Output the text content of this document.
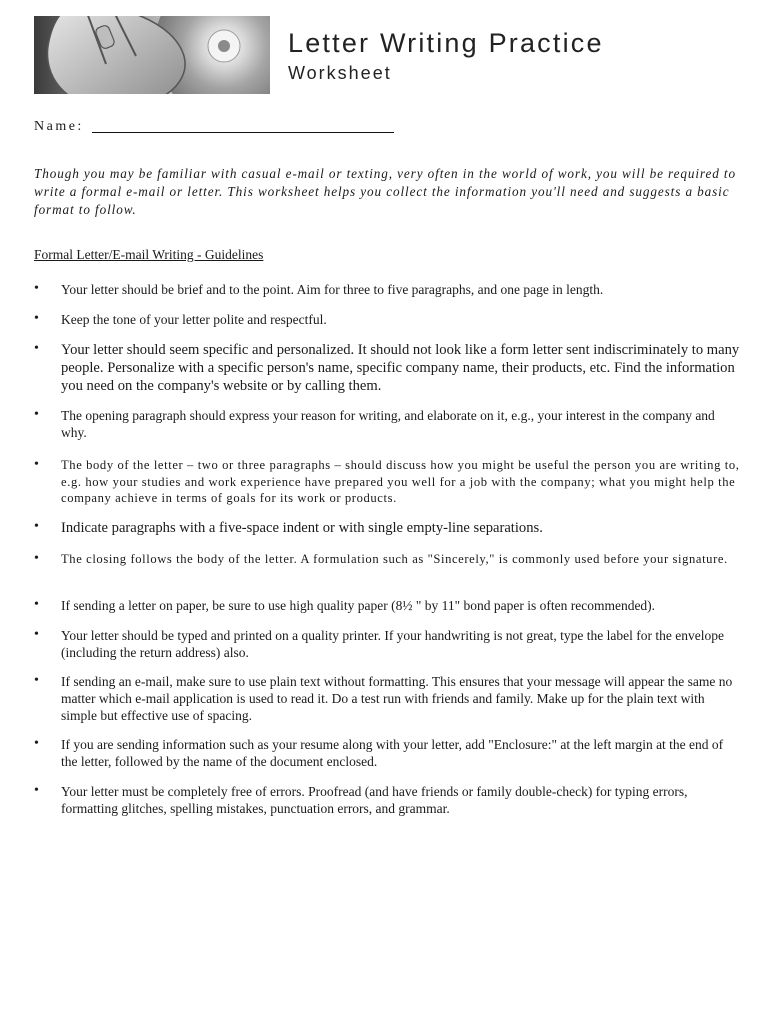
Letter Writing Practice
Worksheet
Name:
Though you may be familiar with casual e-mail or texting, very often in the world of work, you will be required to write a formal e-mail or letter. This worksheet helps you collect the information you'll need and suggests a basic format to follow.
Formal Letter/E-mail Writing - Guidelines
•	Your letter should be brief and to the point. Aim for three to five paragraphs, and one page in length.
•	Keep the tone of your letter polite and respectful.
•	Your letter should seem specific and personalized. It should not look like a form letter sent indiscriminately to many people. Personalize with a specific person's name, specific company name, their products, etc. Find the information you need on the company's website or by calling them.
•	The opening paragraph should express your reason for writing, and elaborate on it, e.g., your interest in the company and why.
•	The body of the letter – two or three paragraphs – should discuss how you might be useful the person you are writing to, e.g. how your studies and work experience have prepared you well for a job with the company; what you might help the company achieve in terms of goals for its work or products.
•	Indicate paragraphs with a five-space indent or with single empty-line separations.
•	The closing follows the body of the letter. A formulation such as "Sincerely," is commonly used before your signature.
•	If sending a letter on paper, be sure to use high quality paper (8½ " by 11" bond paper is often recommended).
•	Your letter should be typed and printed on a quality printer. If your handwriting is not great, type the label for the envelope (including the return address) also.
•	If sending an e-mail, make sure to use plain text without formatting. This ensures that your message will appear the same no matter which e-mail application is used to read it. Do a test run with friends and family. Make up for the plain text with simple but effective use of spacing.
•	If you are sending information such as your resume along with your letter, add "Enclosure:" at the left margin at the end of the letter, followed by the name of the document enclosed.
•	Your letter must be completely free of errors. Proofread (and have friends or family double-check) for typing errors, formatting glitches, spelling mistakes, punctuation errors, and grammar.
